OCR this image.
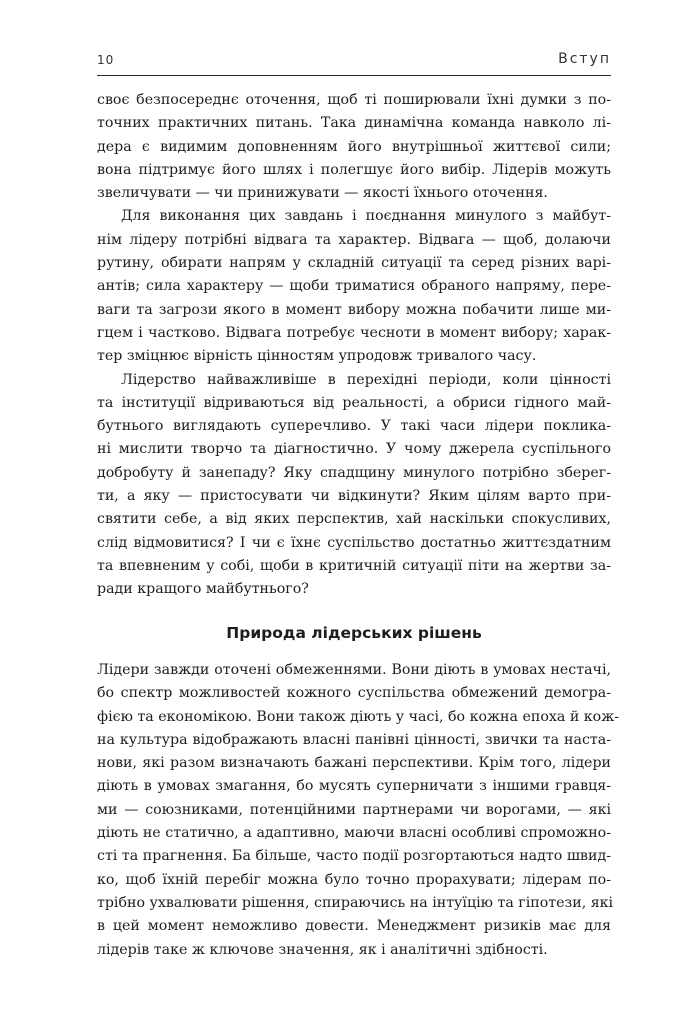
10	Вступ

своє безпосереднє оточення, щоб ті поширювали їхні думки з по-
точних практичних питань. Така динамічна команда навколо лі-
дера є видимим доповненням його внутрішньої життєвої сили;
вона підтримує його шлях і полегшує його вибір. Лідерів можуть
звеличувати — чи принижувати — якості їхнього оточення.

Для виконання цих завдань і поєднання минулого з майбут-
нім лідеру потрібні відвага та характер. Відвага — щоб, долаючи
рутину, обирати напрям у складній ситуації та серед різних варі-
антів; сила характеру — щоби триматися обраного напряму, пере-
ваги та загрози якого в момент вибору можна побачити лише ми-
гцем і частково. Відвага потребує чесноти в момент вибору; харак-
тер зміцнює вірність цінностям упродовж тривалого часу.

Лідерство найважливіше в перехідні періоди, коли цінності
та інституції відриваються від реальності, а обриси гідного май-
бутнього виглядають суперечливо. У такі часи лідери поклика-
ні мислити творчо та діагностично. У чому джерела суспільного
добробуту й занепаду? Яку спадщину минулого потрібно зберег-
ти, а яку — пристосувати чи відкинути? Яким цілям варто при-
святити себе, а від яких перспектив, хай наскільки спокусливих,
слід відмовитися? І чи є їхнє суспільство достатньо життєздатним
та впевненим у собі, щоби в критичній ситуації піти на жертви за-
ради кращого майбутнього?

Природа лідерських рішень

Лідери завжди оточені обмеженнями. Вони діють в умовах нестачі,
бо спектр можливостей кожного суспільства обмежений демогра-
фією та економікою. Вони також діють у часі, бо кожна епоха й кож-
на культура відображають власні панівні цінності, звички та наста-
нови, які разом визначають бажані перспективи. Крім того, лідери
діють в умовах змагання, бо мусять суперничати з іншими гравця-
ми — союзниками, потенційними партнерами чи ворогами, — які
діють не статично, а адаптивно, маючи власні особливі спроможно-
сті та прагнення. Ба більше, часто події розгортаються надто швид-
ко, щоб їхній перебіг можна було точно прорахувати; лідерам по-
трібно ухвалювати рішення, спираючись на інтуїцію та гіпотези, які
в цей момент неможливо довести. Менеджмент ризиків має для
лідерів таке ж ключове значення, як і аналітичні здібності.
